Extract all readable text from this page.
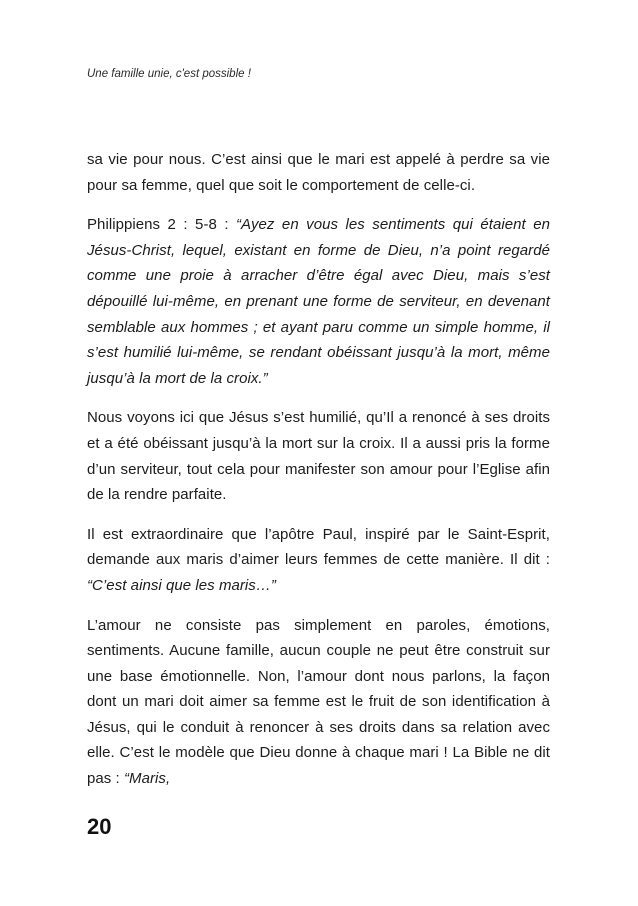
Une famille unie, c'est possible !

sa vie pour nous. C’est ainsi que le mari est appelé à perdre sa vie pour sa femme, quel que soit le comportement de celle-ci.

Philippiens 2 : 5-8 : “Ayez en vous les sentiments qui étaient en Jésus-Christ, lequel, existant en forme de Dieu, n’a point regardé comme une proie à arracher d’être égal avec Dieu, mais s’est dépouillé lui-même, en prenant une forme de serviteur, en devenant semblable aux hommes ; et ayant paru comme un simple homme, il s’est humilié lui-même, se rendant obéissant jusqu’à la mort, même jusqu’à la mort de la croix.”

Nous voyons ici que Jésus s’est humilié, qu’Il a renoncé à ses droits et a été obéissant jusqu’à la mort sur la croix. Il a aussi pris la forme d’un serviteur, tout cela pour manifester son amour pour l’Eglise afin de la rendre parfaite.

Il est extraordinaire que l’apôtre Paul, inspiré par le Saint-Esprit, demande aux maris d’aimer leurs femmes de cette manière. Il dit : “C’est ainsi que les maris…”

L’amour ne consiste pas simplement en paroles, émotions, sentiments. Aucune famille, aucun couple ne peut être construit sur une base émotionnelle. Non, l’amour dont nous parlons, la façon dont un mari doit aimer sa femme est le fruit de son identification à Jésus, qui le conduit à renoncer à ses droits dans sa relation avec elle. C’est le modèle que Dieu donne à chaque mari ! La Bible ne dit pas : “Maris,

20
